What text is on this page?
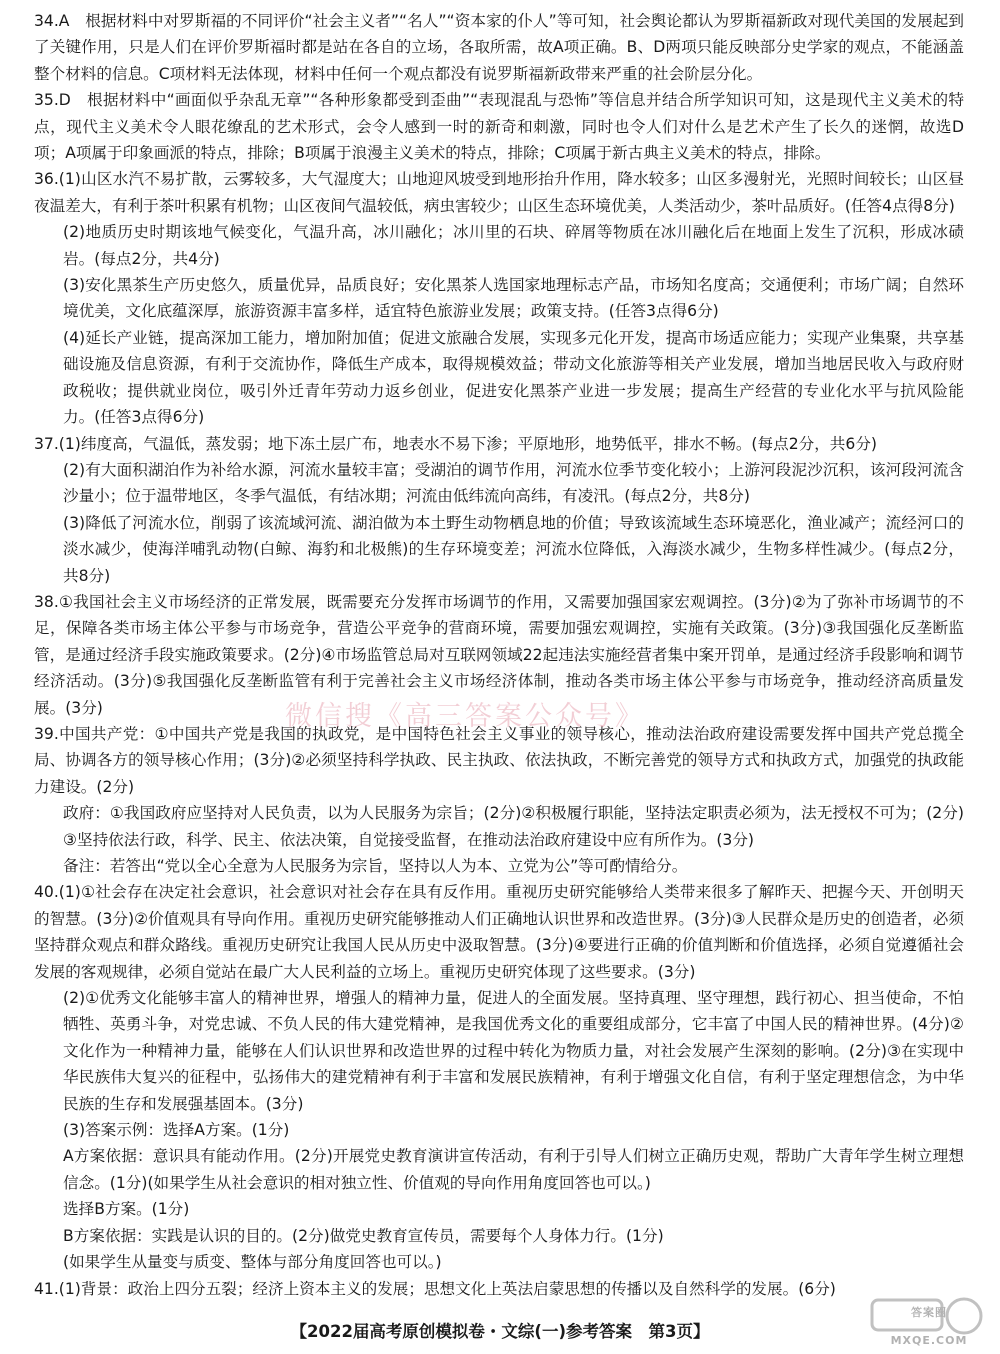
34.A　根据材料中对罗斯福的不同评价“社会主义者”“名人”“资本家的仆人”等可知，社会舆论都认为罗斯福新政对现代美国的发展起到了关键作用，只是人们在评价罗斯福时都是站在各自的立场，各取所需，故A项正确。B、D两项只能反映部分史学家的观点，不能涵盖整个材料的信息。C项材料无法体现，材料中任何一个观点都没有说罗斯福新政带来严重的社会阶层分化。

35.D　根据材料中“画面似乎杂乱无章”“各种形象都受到歪曲”“表现混乱与恐怖”等信息并结合所学知识可知，这是现代主义美术的特点，现代主义美术令人眼花缭乱的艺术形式，会令人感到一时的新奇和刺激，同时也令人们对什么是艺术产生了长久的迷惘，故选D项；A项属于印象画派的特点，排除；B项属于浪漫主义美术的特点，排除；C项属于新古典主义美术的特点，排除。

36.(1)山区水汽不易扩散，云雾较多，大气湿度大；山地迎风坡受到地形抬升作用，降水较多；山区多漫射光，光照时间较长；山区昼夜温差大，有利于茶叶积累有机物；山区夜间气温较低，病虫害较少；山区生态环境优美，人类活动少，茶叶品质好。(任答4点得8分)

(2)地质历史时期该地气候变化，气温升高，冰川融化；冰川里的石块、碎屑等物质在冰川融化后在地面上发生了沉积，形成冰碛岩。(每点2分，共4分)

(3)安化黑茶生产历史悠久，质量优异，品质良好；安化黑茶人选国家地理标志产品，市场知名度高；交通便利；市场广阔；自然环境优美，文化底蕴深厚，旅游资源丰富多样，适宜特色旅游业发展；政策支持。(任答3点得6分)

(4)延长产业链，提高深加工能力，增加附加值；促进文旅融合发展，实现多元化开发，提高市场适应能力；实现产业集聚，共享基础设施及信息资源，有利于交流协作，降低生产成本，取得规模效益；带动文化旅游等相关产业发展，增加当地居民收入与政府财政税收；提供就业岗位，吸引外迁青年劳动力返乡创业，促进安化黑茶产业进一步发展；提高生产经营的专业化水平与抗风险能力。(任答3点得6分)

37.(1)纬度高，气温低，蒸发弱；地下冻土层广布，地表水不易下渗；平原地形，地势低平，排水不畅。(每点2分，共6分)

(2)有大面积湖泊作为补给水源，河流水量较丰富；受湖泊的调节作用，河流水位季节变化较小；上游河段泥沙沉积，该河段河流含沙量小；位于温带地区，冬季气温低，有结冰期；河流由低纬流向高纬，有凌汛。(每点2分，共8分)

(3)降低了河流水位，削弱了该流域河流、湖泊做为本土野生动物栖息地的价值；导致该流域生态环境恶化，渔业减产；流经河口的淡水减少，使海洋哺乳动物(白鲸、海豹和北极熊)的生存环境变差；河流水位降低，入海淡水减少，生物多样性减少。(每点2分，共8分)

38.①我国社会主义市场经济的正常发展，既需要充分发挥市场调节的作用，又需要加强国家宏观调控。(3分)②为了弥补市场调节的不足，保障各类市场主体公平参与市场竞争，营造公平竞争的营商环境，需要加强宏观调控，实施有关政策。(3分)③我国强化反垄断监管，是通过经济手段实施政策要求。(2分)④市场监管总局对互联网领域22起违法实施经营者集中案开罚单，是通过经济手段影响和调节经济活动。(3分)⑤我国强化反垄断监管有利于完善社会主义市场经济体制，推动各类市场主体公平参与市场竞争，推动经济高质量发展。(3分)

39.中国共产党：①中国共产党是我国的执政党，是中国特色社会主义事业的领导核心，推动法治政府建设需要发挥中国共产党总揽全局、协调各方的领导核心作用；(3分)②必须坚持科学执政、民主执政、依法执政，不断完善党的领导方式和执政方式，加强党的执政能力建设。(2分)

政府：①我国政府应坚持对人民负责，以为人民服务为宗旨；(2分)②积极履行职能，坚持法定职责必须为，法无授权不可为；(2分)③坚持依法行政，科学、民主、依法决策，自觉接受监督，在推动法治政府建设中应有所作为。(3分)

备注：若答出“党以全心全意为人民服务为宗旨，坚持以人为本、立党为公”等可酌情给分。

40.(1)①社会存在决定社会意识，社会意识对社会存在具有反作用。重视历史研究能够给人类带来很多了解昨天、把握今天、开创明天的智慧。(3分)②价值观具有导向作用。重视历史研究能够推动人们正确地认识世界和改造世界。(3分)③人民群众是历史的创造者，必须坚持群众观点和群众路线。重视历史研究让我国人民从历史中汲取智慧。(3分)④要进行正确的价值判断和价值选择，必须自觉遵循社会发展的客观规律，必须自觉站在最广大人民利益的立场上。重视历史研究体现了这些要求。(3分)

(2)①优秀文化能够丰富人的精神世界，增强人的精神力量，促进人的全面发展。坚持真理、坚守理想，践行初心、担当使命，不怕牺牲、英勇斗争，对党忠诚、不负人民的伟大建党精神，是我国优秀文化的重要组成部分，它丰富了中国人民的精神世界。(4分)②文化作为一种精神力量，能够在人们认识世界和改造世界的过程中转化为物质力量，对社会发展产生深刻的影响。(2分)③在实现中华民族伟大复兴的征程中，弘扬伟大的建党精神有利于丰富和发展民族精神，有利于增强文化自信，有利于坚定理想信念，为中华民族的生存和发展强基固本。(3分)

(3)答案示例：选择A方案。(1分)

A方案依据：意识具有能动作用。(2分)开展党史教育演讲宣传活动，有利于引导人们树立正确历史观，帮助广大青年学生树立理想信念。(1分)(如果学生从社会意识的相对独立性、价值观的导向作用角度回答也可以。)

选择B方案。(1分)

B方案依据：实践是认识的目的。(2分)做党史教育宣传员，需要每个人身体力行。(1分)

(如果学生从量变与质变、整体与部分角度回答也可以。)

41.(1)背景：政治上四分五裂；经济上资本主义的发展；思想文化上英法启蒙思想的传播以及自然科学的发展。(6分)

微信搜《高三答案公众号》
【2022届高考原创模拟卷・文综(一)参考答案　第3页】
答案圈
MXQE.COM
